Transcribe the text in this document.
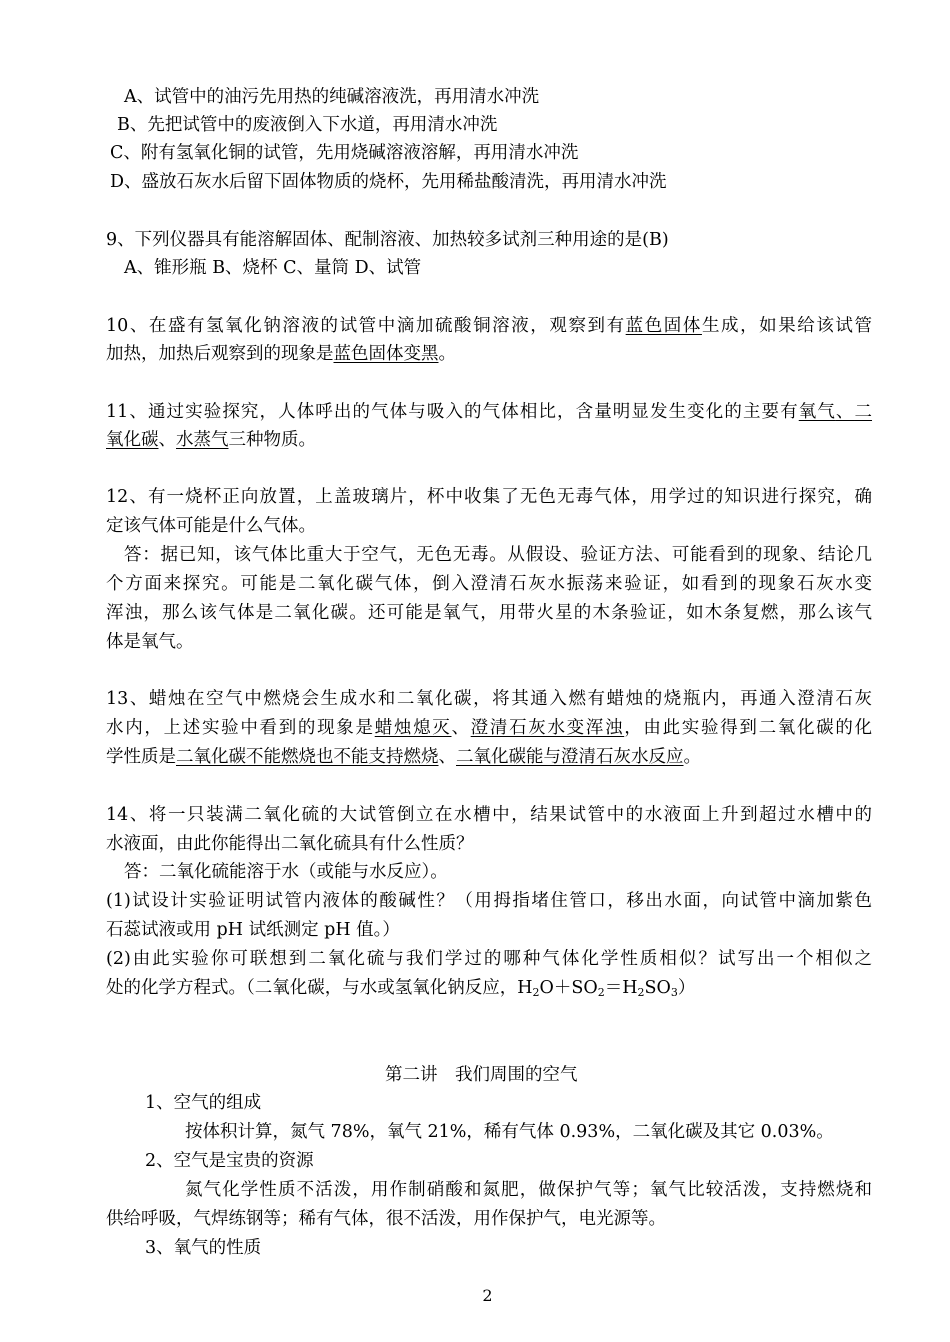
A、试管中的油污先用热的纯碱溶液洗，再用清水冲洗
B、先把试管中的废液倒入下水道，再用清水冲洗
C、附有氢氧化铜的试管，先用烧碱溶液溶解，再用清水冲洗
D、盛放石灰水后留下固体物质的烧杯，先用稀盐酸清洗，再用清水冲洗
9、下列仪器具有能溶解固体、配制溶液、加热较多试剂三种用途的是(B)
A、锥形瓶 B、烧杯 C、量筒 D、试管
10、在盛有氢氧化钠溶液的试管中滴加硫酸铜溶液，观察到有蓝色固体生成，如果给该试管
加热，加热后观察到的现象是蓝色固体变黑。
11、通过实验探究，人体呼出的气体与吸入的气体相比，含量明显发生变化的主要有氧气、二
氧化碳、水蒸气三种物质。
12、有一烧杯正向放置，上盖玻璃片，杯中收集了无色无毒气体，用学过的知识进行探究，确
定该气体可能是什么气体。
答：据已知，该气体比重大于空气，无色无毒。从假设、验证方法、可能看到的现象、结论几
个方面来探究。可能是二氧化碳气体，倒入澄清石灰水振荡来验证，如看到的现象石灰水变
浑浊，那么该气体是二氧化碳。还可能是氧气，用带火星的木条验证，如木条复燃，那么该气
体是氧气。
13、蜡烛在空气中燃烧会生成水和二氧化碳，将其通入燃有蜡烛的烧瓶内，再通入澄清石灰
水内，上述实验中看到的现象是蜡烛熄灭、澄清石灰水变浑浊，由此实验得到二氧化碳的化
学性质是二氧化碳不能燃烧也不能支持燃烧、二氧化碳能与澄清石灰水反应。
14、将一只装满二氧化硫的大试管倒立在水槽中，结果试管中的水液面上升到超过水槽中的
水液面，由此你能得出二氧化硫具有什么性质？
答：二氧化硫能溶于水（或能与水反应）。
(1)试设计实验证明试管内液体的酸碱性？（用拇指堵住管口，移出水面，向试管中滴加紫色
石蕊试液或用 pH 试纸测定 pH 值。）
(2)由此实验你可联想到二氧化硫与我们学过的哪种气体化学性质相似？试写出一个相似之
处的化学方程式。（二氧化碳，与水或氢氧化钠反应，$H_2O+SO_2=H_2SO_3$）
第二讲　我们周围的空气
1、空气的组成
按体积计算，氮气 78%，氧气 21%，稀有气体 0.93%，二氧化碳及其它 0.03%。
2、空气是宝贵的资源
氮气化学性质不活泼，用作制硝酸和氮肥，做保护气等；氧气比较活泼，支持燃烧和
供给呼吸，气焊练钢等；稀有气体，很不活泼，用作保护气，电光源等。
3、氧气的性质
2
